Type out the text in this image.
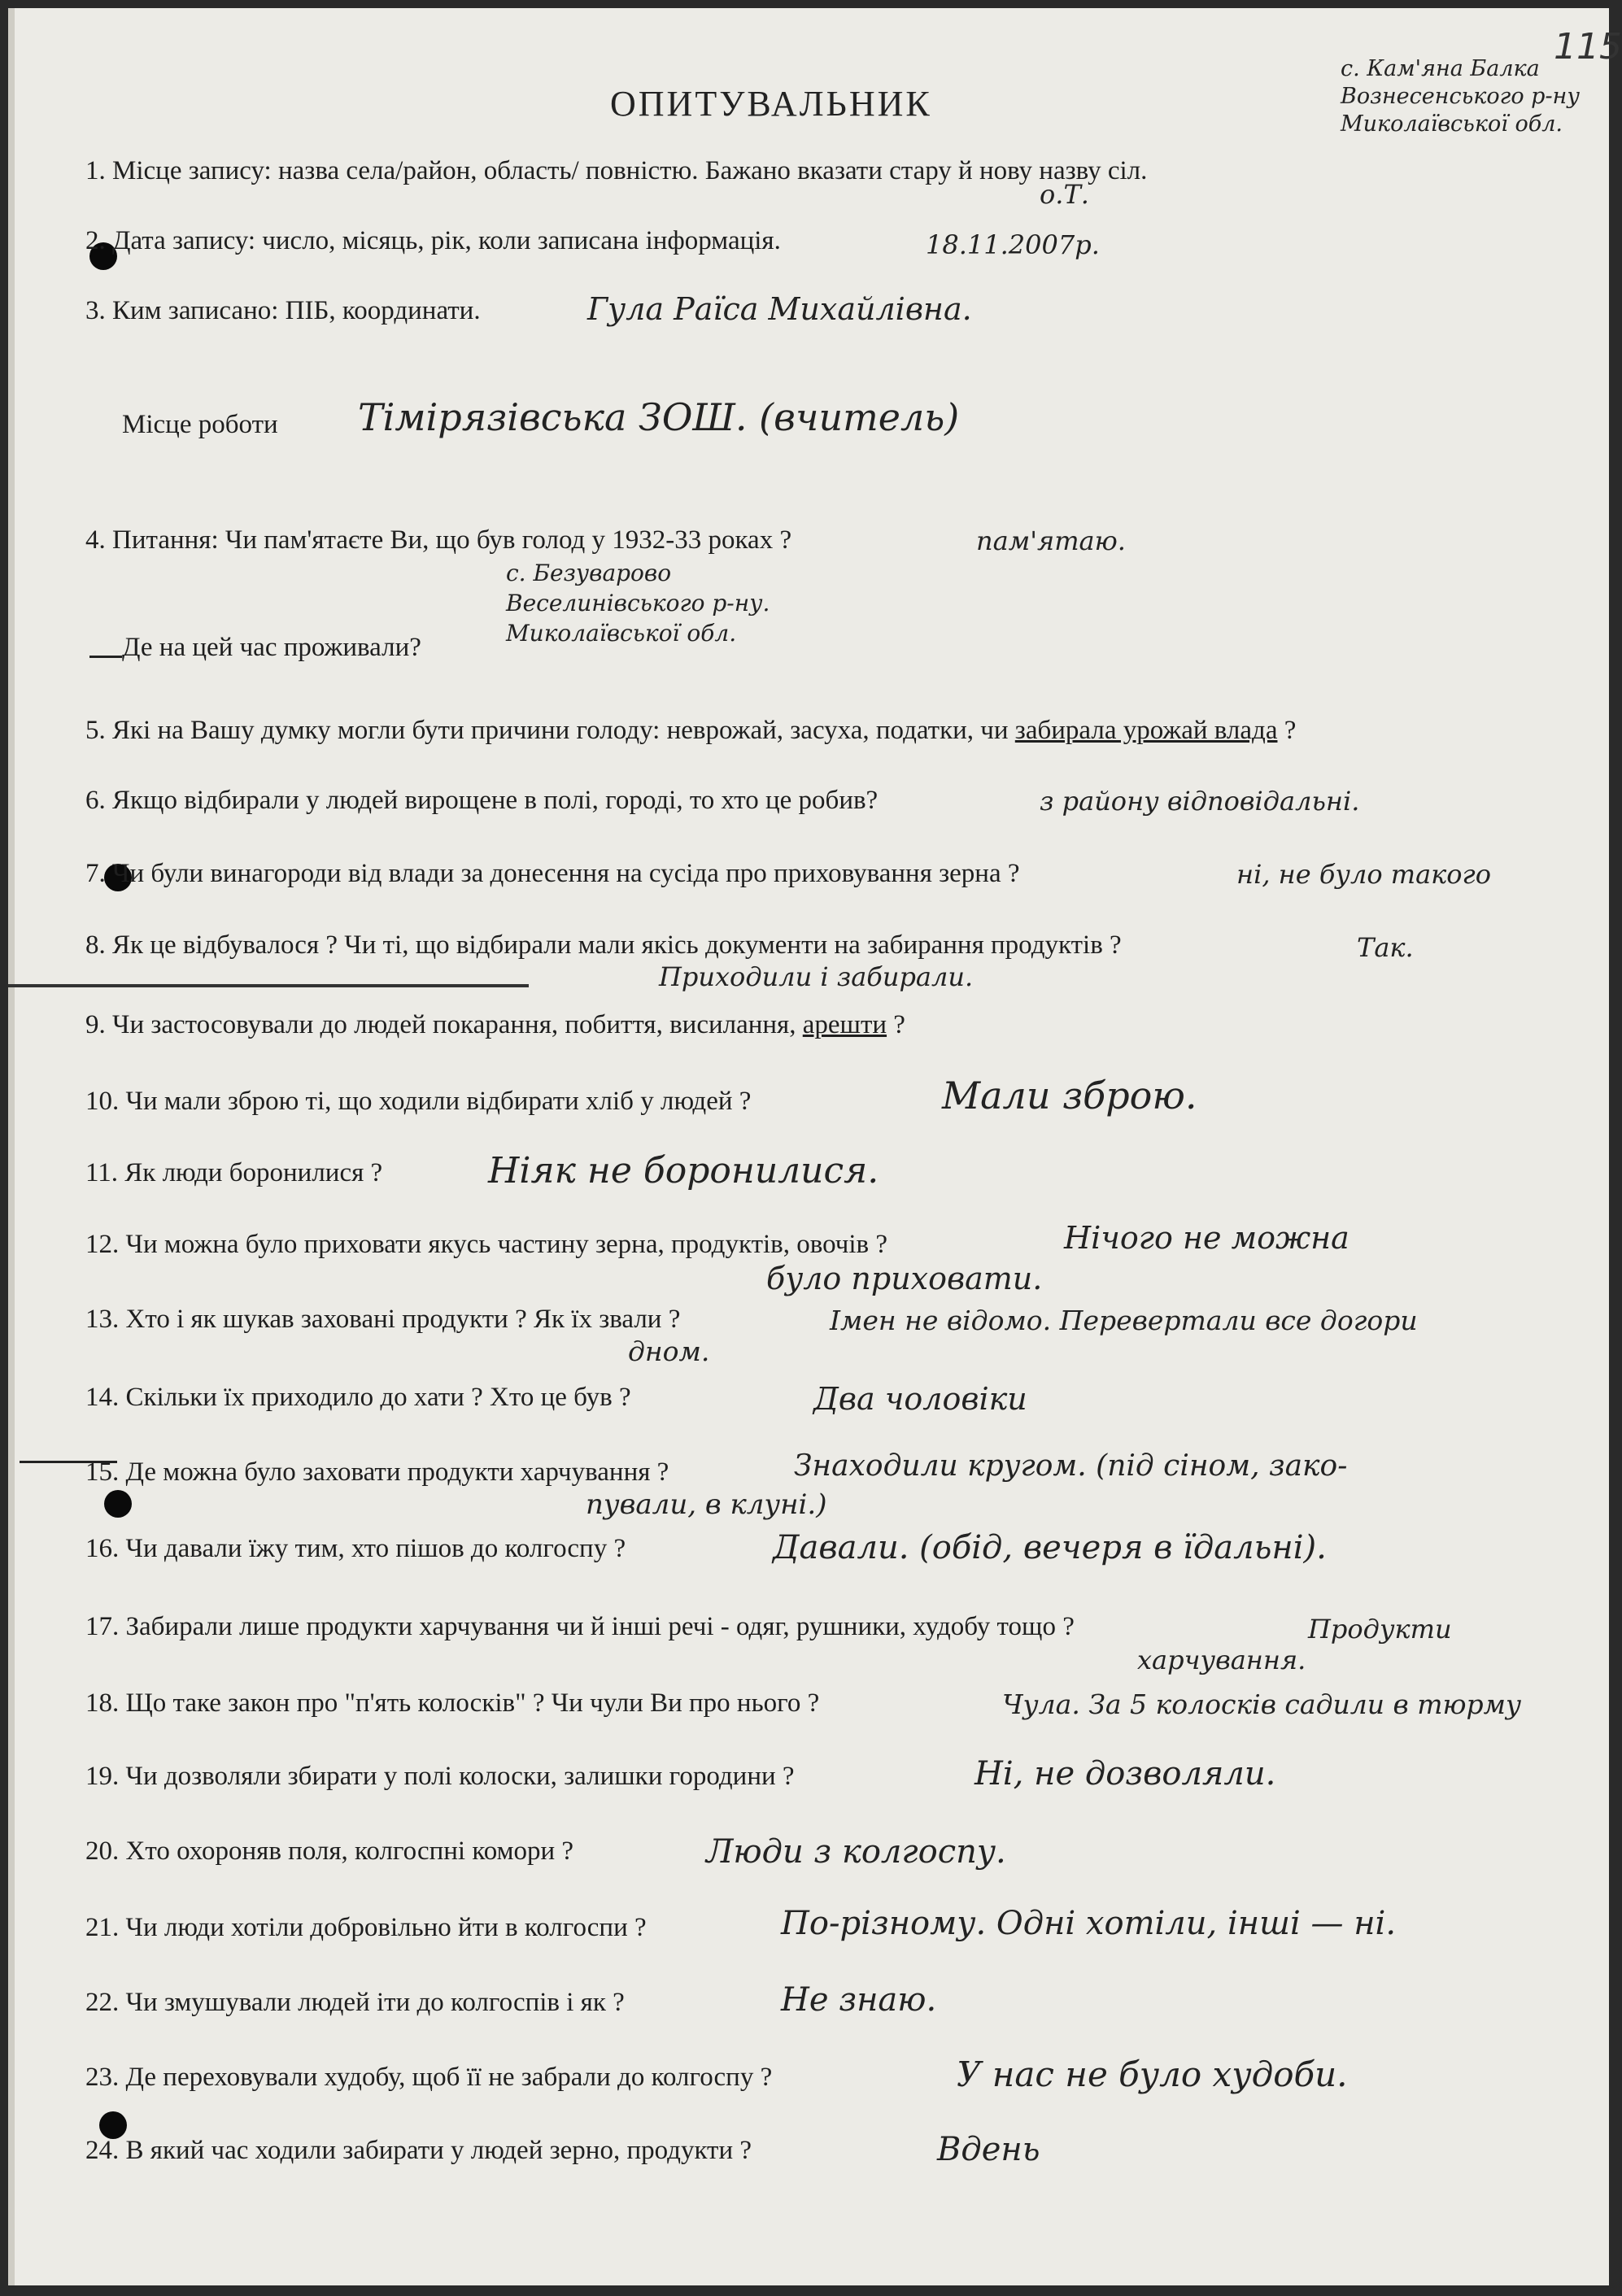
ОПИТУВАЛЬНИК
115
с. Кам'яна Балка
Вознесенського р-ну
Миколаївської обл.
1. Місце запису: назва села/район, область/ повністю. Бажано вказати стару й нову назву сіл.
о.Т.
2. Дата запису: число, місяць, рік, коли записана інформація.	18.11.2007р.
3. Ким записано: ПІБ, координати.	Гула Раїса Михайлівна.
Місце роботи Тімірязівська ЗОШ. (вчитель)
4. Питання: Чи пам'ятаєте Ви, що був голод у 1932-33 роках ?	пам'ятаю.
Де на цей час проживали?
с. Безуварово
Веселинівського р-ну.
Миколаївської обл.
5. Які на Вашу думку могли бути причини голоду: неврожай, засуха, податки, чи забирала урожай влада ?
6. Якщо відбирали у людей вирощене в полі, городі, то хто це робив?	з району відповідальні.
7. Чи були винагороди від влади за донесення на сусіда про приховування зерна ?	ні, не було такого
8. Як це відбувалося ? Чи ті, що відбирали мали якісь документи на забирання продуктів ?	Так.
Приходили і забирали.
9. Чи застосовували до людей покарання, побиття, висилання, арешти ?
10. Чи мали зброю ті, що ходили відбирати хліб у людей ?	Мали зброю.
11. Як люди боронилися ?	Ніяк не боронилися.
12. Чи можна було приховати якусь частину зерна, продуктів, овочів ?	Нічого не можна
було приховати.
13. Хто і як шукав заховані продукти ? Як їх звали ?	Імен не відомо. Перевертали все догори
дном.
14. Скільки їх приходило до хати ? Хто це був ?	Два чоловіки
15. Де можна було заховати продукти харчування ?	Знаходили кругом. (під сіном, зако-
пували, в клуні.)
16. Чи давали їжу тим, хто пішов до колгоспу ?	Давали. (обід, вечеря в їдальні).
17. Забирали лише продукти харчування чи й інші речі - одяг, рушники, худобу тощо ?	Продукти
харчування.
18. Що таке закон про "п'ять колосків" ? Чи чули Ви про нього ?	Чула. За 5 колосків садили в тюрму
19. Чи дозволяли збирати у полі колоски, залишки городини ?	Ні, не дозволяли.
20. Хто охороняв поля, колгоспні комори ?	Люди з колгоспу.
21. Чи люди хотіли добровільно йти в колгоспи ?	По-різному. Одні хотіли, інші — ні.
22. Чи змушували людей іти до колгоспів і як ?	Не знаю.
23. Де переховували худобу, щоб її не забрали до колгоспу ?	У нас не було худоби.
24. В який час ходили забирати у людей зерно, продукти ?	Вдень
